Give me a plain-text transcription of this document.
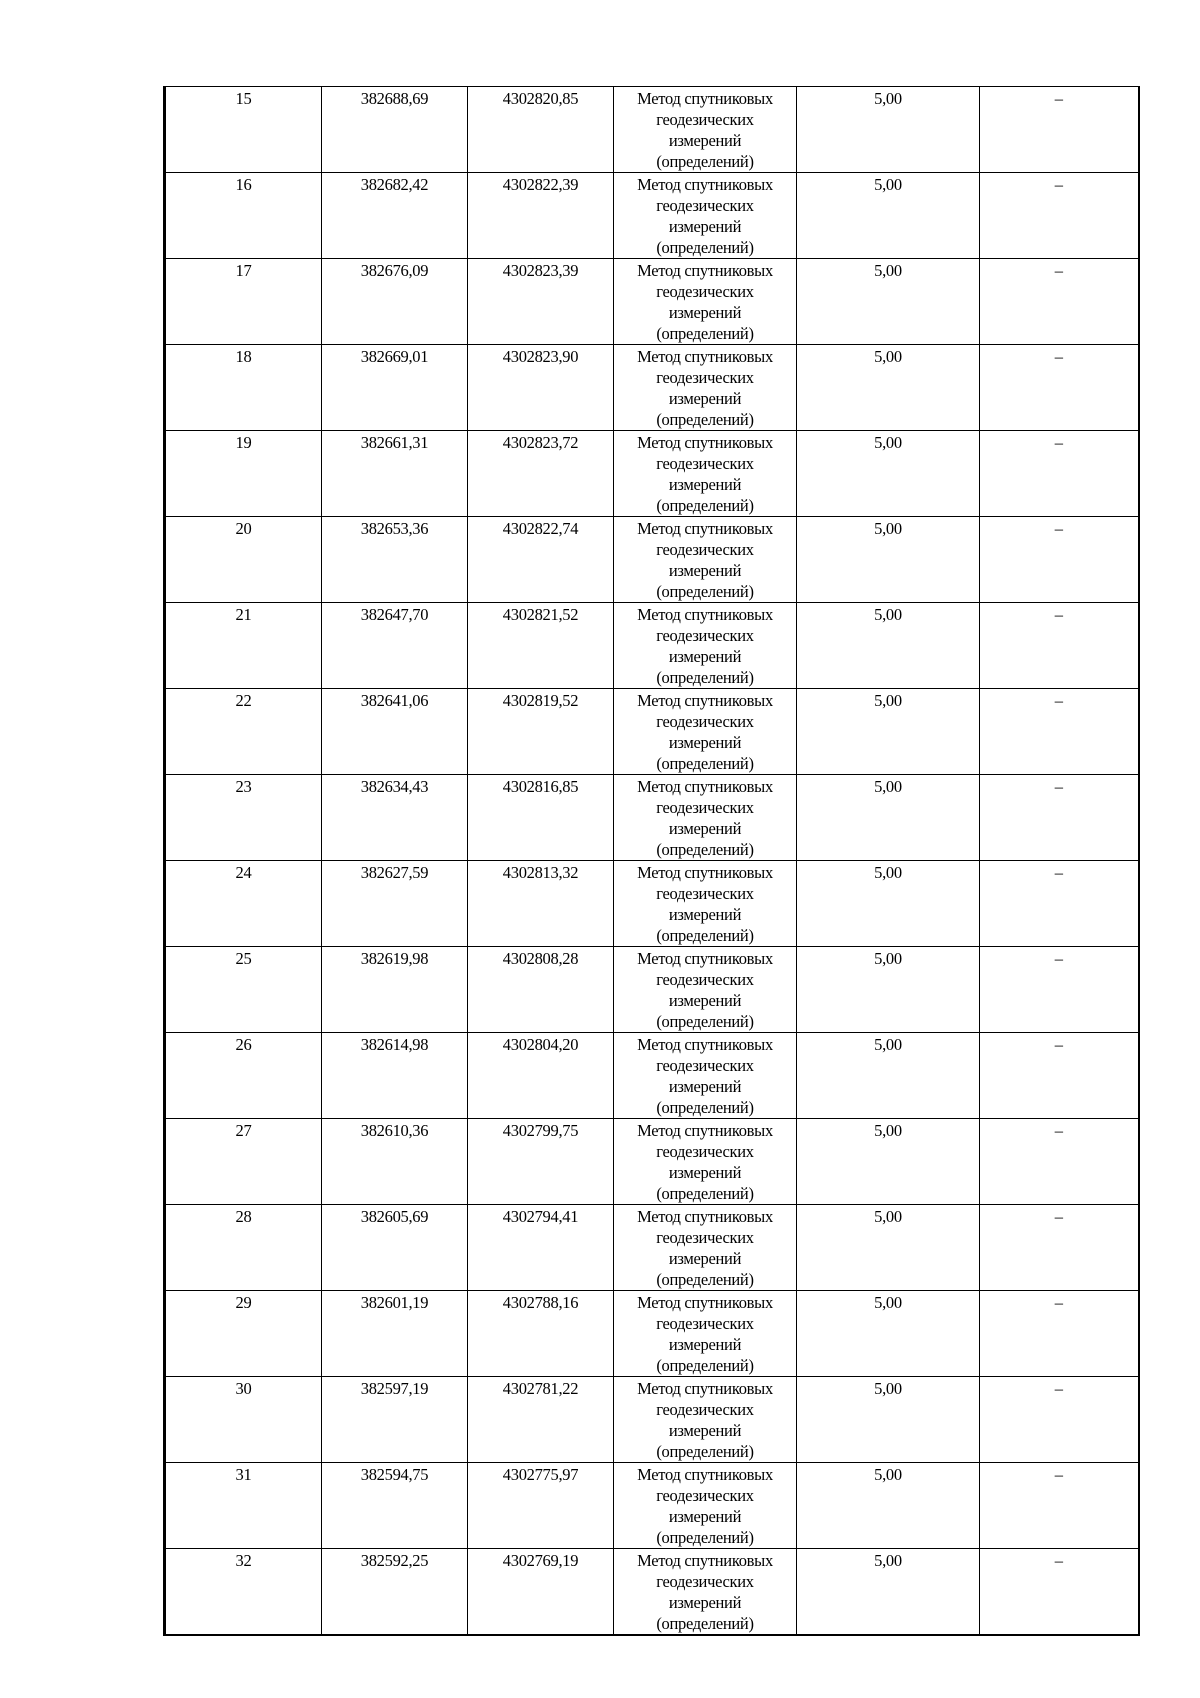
15	382688,69	4302820,85	Метод спутниковых
геодезических
измерений
(определений)	5,00	–
16	382682,42	4302822,39	Метод спутниковых
геодезических
измерений
(определений)	5,00	–
17	382676,09	4302823,39	Метод спутниковых
геодезических
измерений
(определений)	5,00	–
18	382669,01	4302823,90	Метод спутниковых
геодезических
измерений
(определений)	5,00	–
19	382661,31	4302823,72	Метод спутниковых
геодезических
измерений
(определений)	5,00	–
20	382653,36	4302822,74	Метод спутниковых
геодезических
измерений
(определений)	5,00	–
21	382647,70	4302821,52	Метод спутниковых
геодезических
измерений
(определений)	5,00	–
22	382641,06	4302819,52	Метод спутниковых
геодезических
измерений
(определений)	5,00	–
23	382634,43	4302816,85	Метод спутниковых
геодезических
измерений
(определений)	5,00	–
24	382627,59	4302813,32	Метод спутниковых
геодезических
измерений
(определений)	5,00	–
25	382619,98	4302808,28	Метод спутниковых
геодезических
измерений
(определений)	5,00	–
26	382614,98	4302804,20	Метод спутниковых
геодезических
измерений
(определений)	5,00	–
27	382610,36	4302799,75	Метод спутниковых
геодезических
измерений
(определений)	5,00	–
28	382605,69	4302794,41	Метод спутниковых
геодезических
измерений
(определений)	5,00	–
29	382601,19	4302788,16	Метод спутниковых
геодезических
измерений
(определений)	5,00	–
30	382597,19	4302781,22	Метод спутниковых
геодезических
измерений
(определений)	5,00	–
31	382594,75	4302775,97	Метод спутниковых
геодезических
измерений
(определений)	5,00	–
32	382592,25	4302769,19	Метод спутниковых
геодезических
измерений
(определений)	5,00	–
